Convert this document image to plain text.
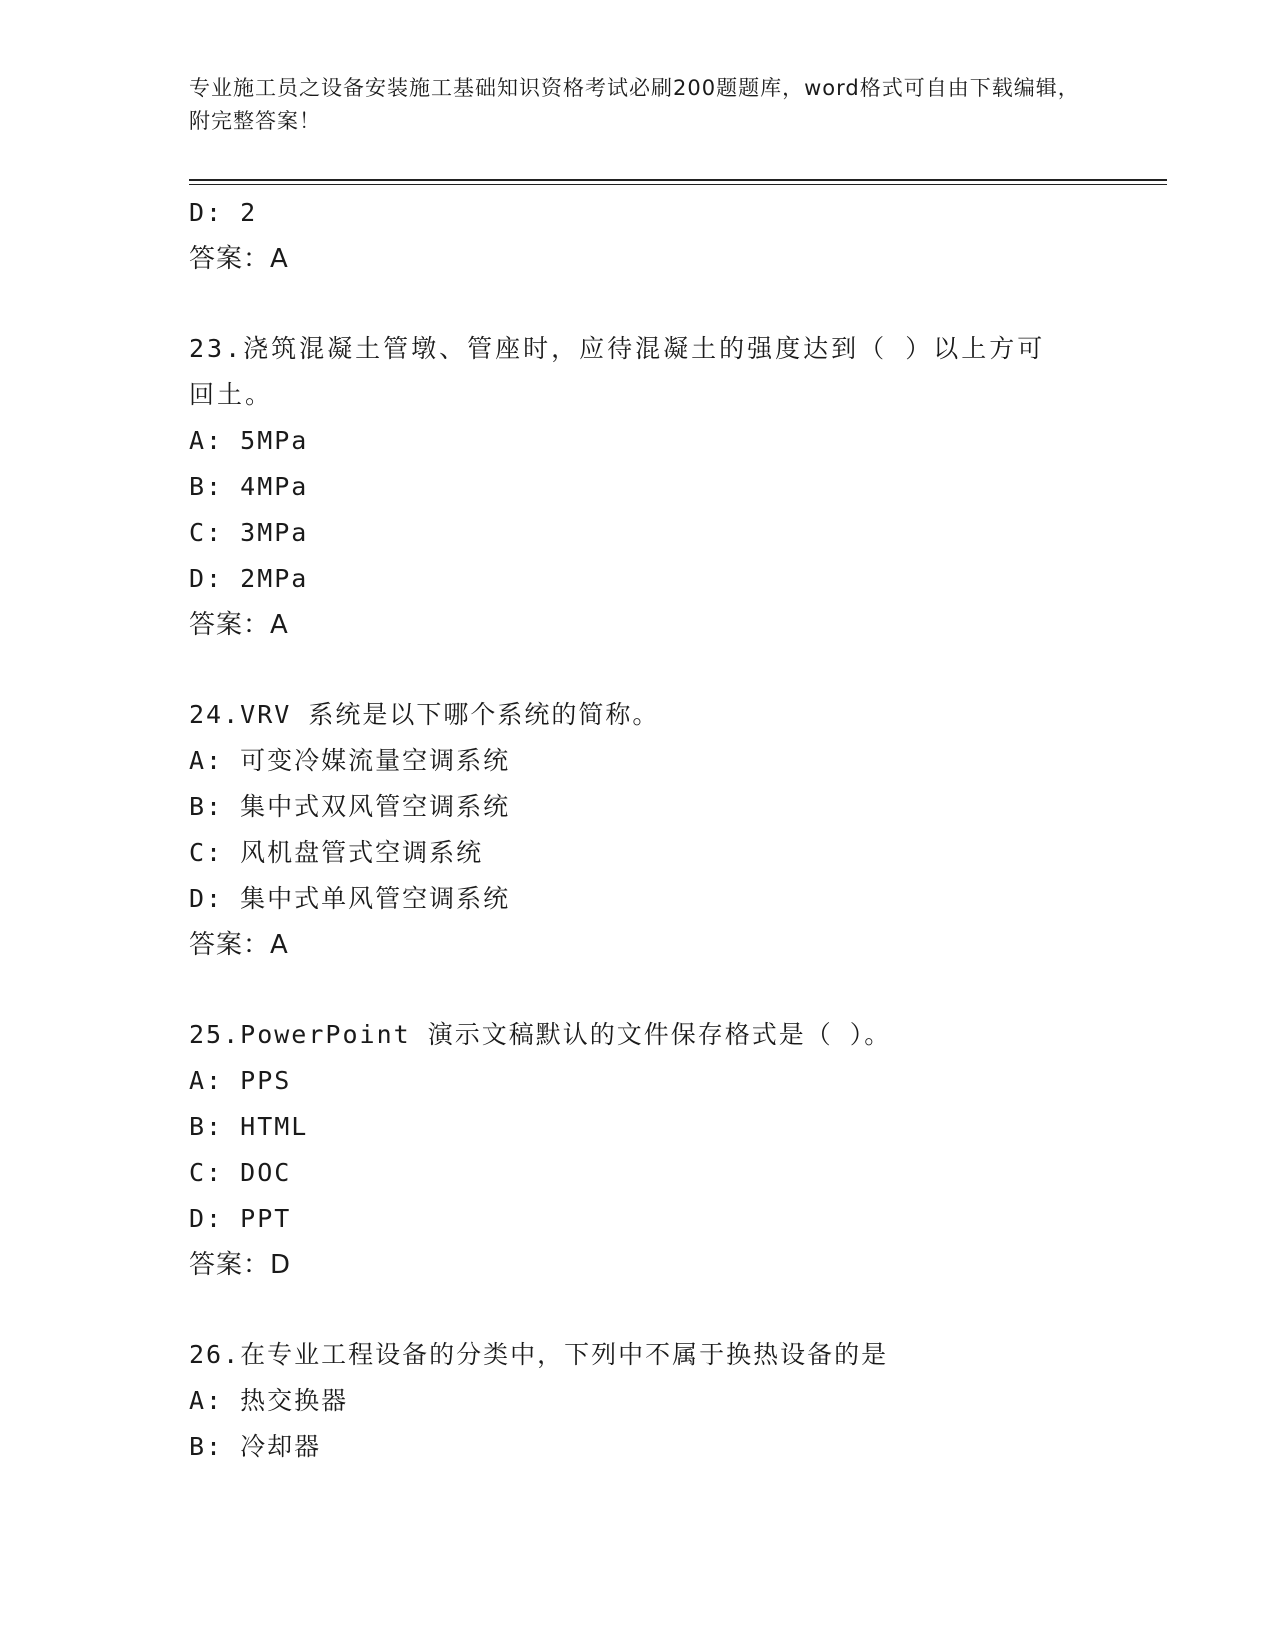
专业施工员之设备安装施工基础知识资格考试必刷200题题库，word格式可自由下载编辑，附完整答案！
D: 2
答案：A
23.浇筑混凝土管墩、管座时，应待混凝土的强度达到（ ）以上方可回土。
A: 5MPa
B: 4MPa
C: 3MPa
D: 2MPa
答案：A
24.VRV 系统是以下哪个系统的简称。
A: 可变冷媒流量空调系统
B: 集中式双风管空调系统
C: 风机盘管式空调系统
D: 集中式单风管空调系统
答案：A
25.PowerPoint 演示文稿默认的文件保存格式是（ ）。
A: PPS
B: HTML
C: DOC
D: PPT
答案：D
26.在专业工程设备的分类中，下列中不属于换热设备的是
A: 热交换器
B: 冷却器
